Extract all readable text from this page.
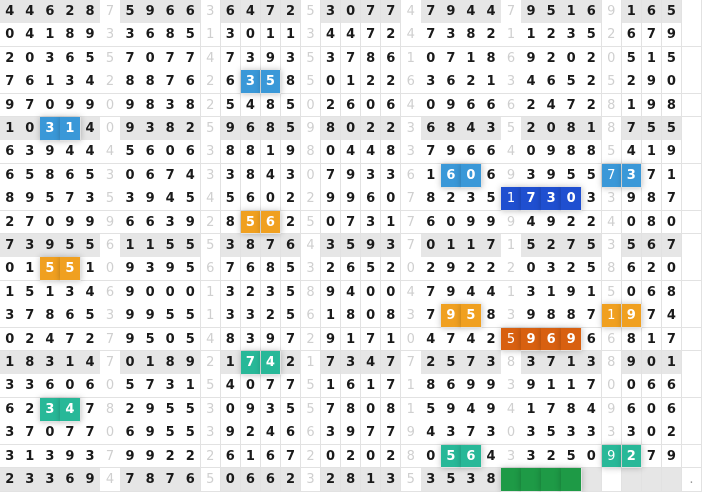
4 4 6 2 8 7 5 9 6 6 3 6 4 7 2 5 3 0 7 7 4 7 9 4 4 7 9 5 1 6 9 1 6 5
0 4 1 8 9 3 3 6 8 5 1 3 0 1 1 3 4 4 7 2 4 7 3 8 2 1 1 2 3 5 2 6 7 9
2 0 3 6 5 5 7 0 7 7 4 7 3 9 3 5 3 7 8 6 1 0 7 1 8 6 9 2 0 2 0 5 1 5
7 6 1 3 4 2 8 8 7 6 2 6 3 5 8 5 0 1 2 2 6 3 6 2 1 3 4 6 5 2 5 2 9 0
9 7 0 9 9 0 9 8 3 8 2 5 4 8 5 0 2 6 0 6 4 0 9 6 6 6 2 4 7 2 8 1 9 8
1 0 3 1 4 0 9 3 8 2 5 9 6 8 5 9 8 0 2 2 3 6 8 4 3 5 2 0 8 1 8 7 5 5
6 3 9 4 4 4 5 6 0 6 3 8 8 1 9 8 0 4 4 8 3 7 9 6 6 4 0 9 8 8 5 4 1 9
6 5 8 6 5 3 0 6 7 4 3 3 8 4 3 0 7 9 3 3 6 1 6 0 6 9 3 9 5 5 7 3 7 1
8 9 5 7 3 5 3 9 4 5 4 5 6 0 2 2 9 9 6 0 7 8 2 3 5 1 7 3 0 3 3 9 8 7
2 7 0 9 9 9 6 6 3 9 2 8 5 6 2 5 0 7 3 1 7 6 0 9 9 9 4 9 2 2 4 0 8 0
7 3 9 5 5 6 1 1 5 5 5 3 8 7 6 4 3 5 9 3 7 0 1 1 7 1 5 2 7 5 3 5 6 7
0 1 5 5 1 0 9 3 9 5 6 7 6 8 5 3 2 6 5 2 0 2 9 2 2 2 0 3 2 5 8 6 2 0
1 5 1 3 4 6 9 0 0 0 1 3 2 3 5 8 9 4 0 0 4 7 9 4 4 1 3 1 9 1 5 0 6 8
3 7 8 6 5 3 9 9 5 5 1 3 3 2 5 6 1 8 0 8 3 7 9 5 8 3 9 8 8 7 1 9 7 4
0 2 4 7 2 7 9 5 0 5 4 8 3 9 7 2 9 1 7 1 0 4 7 4 2 5 9 6 9 6 6 8 1 7
1 8 3 1 4 7 0 1 8 9 2 1 7 4 2 1 7 3 4 7 7 2 5 7 3 8 3 7 1 3 8 9 0 1
3 3 6 0 6 0 5 7 3 1 5 4 0 7 7 5 1 6 1 7 1 8 6 9 9 3 9 1 1 7 0 0 6 6
6 2 3 4 7 8 2 9 5 5 3 0 9 3 5 5 7 8 0 8 1 5 9 4 9 4 1 7 8 4 9 6 0 6
3 7 0 7 7 0 6 9 5 5 3 9 2 4 6 6 3 9 7 7 9 4 3 7 3 0 3 5 3 3 3 3 0 2
3 1 3 9 3 7 9 9 2 2 2 6 1 6 7 2 0 2 0 2 8 0 5 6 4 3 3 2 5 0 9 2 7 9
2 3 3 6 9 4 7 8 7 6 5 0 6 6 2 3 2 8 1 3 5 3 5 3 8	.
